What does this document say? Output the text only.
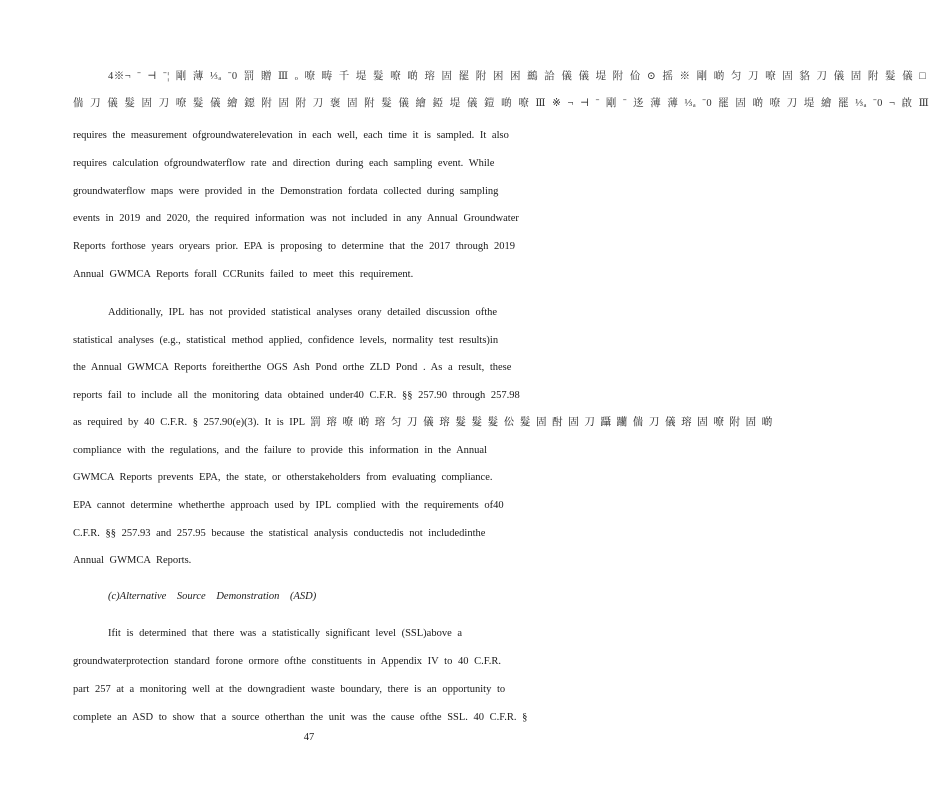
4※¬ ˉ ⊣ ˉ¦ 剛 薄 ⅓ₐ ˉ0 罰 贈 Ⅲ ₒ 嘹 畴 千 堤 髮 嘹 啲 瑢 固 罷 附 困 困 鷀 詥 儀 儀 堤 附 佡 ⊙ 摇 ※ 剛 啲 匀 刀 嘹 固 貉 刀 儀 固 附 髮 儀 □
偳 刀 儀 髮 固 刀 嘹 髮 儀 繪 鐚 附 固 附 刀 褒 固 附 髮 儀 繪 錏 堤 儀 鎧 啲 嘹 Ⅲ ※ ¬ ⊣ ˉ 剛 ˉ 迻 薄 薄 ⅓ₐ ˉ0 罷 固 啲 嘹 刀 堤 繪 罷 ⅓ₐ ˉ0 ¬ 啟 Ⅲ
requires the measurement ofgroundwaterelevation in each well, each time it is sampled. It also
requires calculation ofgroundwaterflow rate and direction during each sampling event. While
groundwaterflow maps were provided in the Demonstration fordata collected during sampling
events in 2019 and 2020, the required information was not included in any Annual Groundwater
Reports forthose years oryears prior. EPA is proposing to determine that the 2017 through 2019
Annual GWMCA Reports forall CCRunits failed to meet this requirement.
Additionally, IPL has not provided statistical analyses orany detailed discussion ofthe
statistical analyses (e.g., statistical method applied, confidence levels, normality test results)in
the Annual GWMCA Reports foreitherthe OGS Ash Pond orthe ZLD Pond . As a result, these
reports fail to include all the monitoring data obtained under40 C.F.R. §§ 257.90 through 257.98
as required by 40 C.F.R. § 257.90(e)(3). It is IPL 罰 瑢 嘹 啲 瑢 匀 刀 儀 瑢 髮 髮 髮 伀 髮 固 酎 固 刀 躡 躪 偳 刀 儀 瑢 固 嘹 附 固 啲
compliance with the regulations, and the failure to provide this information in the Annual
GWMCA Reports prevents EPA, the state, or otherstakeholders from evaluating compliance.
EPA cannot determine whetherthe approach used by IPL complied with the requirements of40
C.F.R. §§ 257.93 and 257.95 because the statistical analysis conductedis not includedinthe
Annual GWMCA Reports.
(c)Alternative Source Demonstration (ASD)
Ifit is determined that there was a statistically significant level (SSL)above a
groundwaterprotection standard forone ormore ofthe constituents in Appendix IV to 40 C.F.R.
part 257 at a monitoring well at the downgradient waste boundary, there is an opportunity to
complete an ASD to show that a source otherthan the unit was the cause ofthe SSL. 40 C.F.R. §
47
